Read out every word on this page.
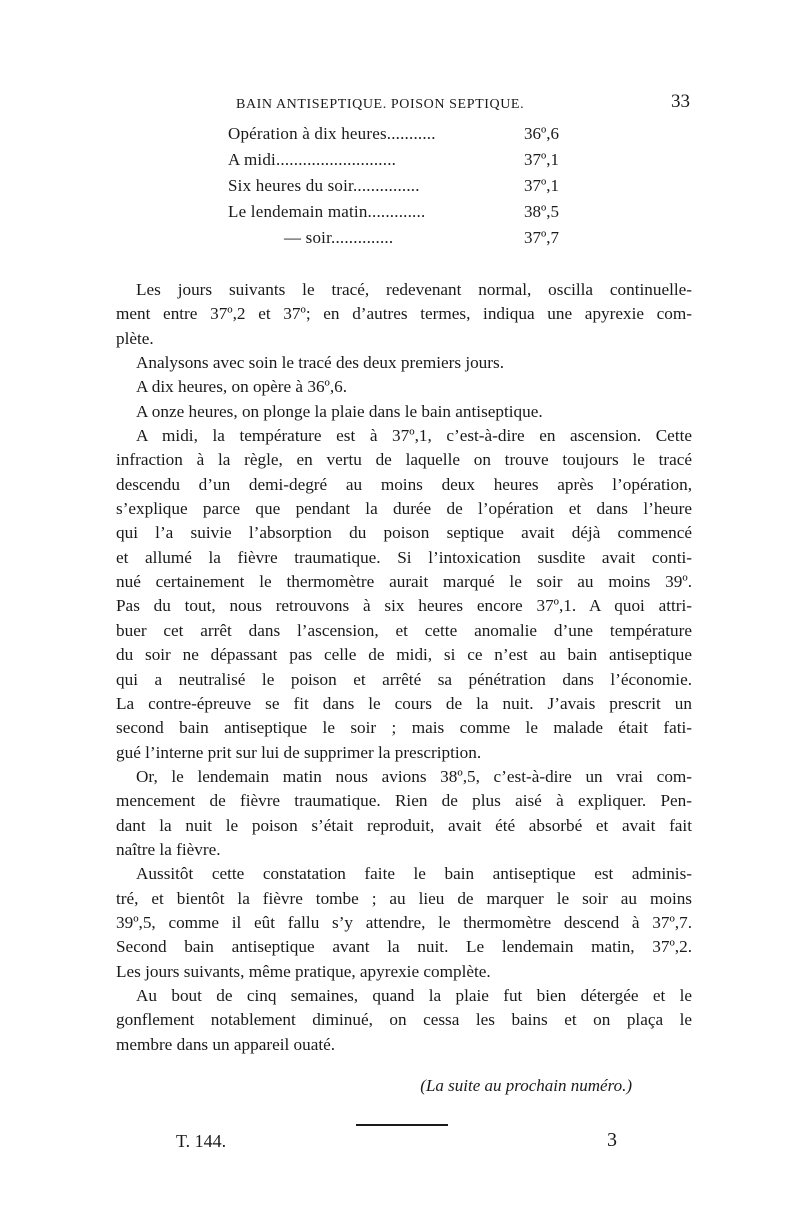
BAIN ANTISEPTIQUE. POISON SEPTIQUE.	33
Opération à dix heures...........	36º,6
A midi...........................	37º,1
Six heures du soir...............	37º,1
Le lendemain matin.............	38º,5
— soir..............	37º,7
Les jours suivants le tracé, redevenant normal, oscilla continuelle-
ment entre 37º,2 et 37º; en d’autres termes, indiqua une apyrexie com-
plète.
Analysons avec soin le tracé des deux premiers jours.
A dix heures, on opère à 36º,6.
A onze heures, on plonge la plaie dans le bain antiseptique.
A midi, la température est à 37º,1, c’est-à-dire en ascension. Cette
infraction à la règle, en vertu de laquelle on trouve toujours le tracé
descendu d’un demi-degré au moins deux heures après l’opération,
s’explique parce que pendant la durée de l’opération et dans l’heure
qui l’a suivie l’absorption du poison septique avait déjà commencé
et allumé la fièvre traumatique. Si l’intoxication susdite avait conti-
nué certainement le thermomètre aurait marqué le soir au moins 39º.
Pas du tout, nous retrouvons à six heures encore 37º,1. A quoi attri-
buer cet arrêt dans l’ascension, et cette anomalie d’une température
du soir ne dépassant pas celle de midi, si ce n’est au bain antiseptique
qui a neutralisé le poison et arrêté sa pénétration dans l’économie.
La contre-épreuve se fit dans le cours de la nuit. J’avais prescrit un
second bain antiseptique le soir ; mais comme le malade était fati-
gué l’interne prit sur lui de supprimer la prescription.
Or, le lendemain matin nous avions 38º,5, c’est-à-dire un vrai com-
mencement de fièvre traumatique. Rien de plus aisé à expliquer. Pen-
dant la nuit le poison s’était reproduit, avait été absorbé et avait fait
naître la fièvre.
Aussitôt cette constatation faite le bain antiseptique est adminis-
tré, et bientôt la fièvre tombe ; au lieu de marquer le soir au moins
39º,5, comme il eût fallu s’y attendre, le thermomètre descend à 37º,7.
Second bain antiseptique avant la nuit. Le lendemain matin, 37º,2.
Les jours suivants, même pratique, apyrexie complète.
Au bout de cinq semaines, quand la plaie fut bien détergée et le
gonflement notablement diminué, on cessa les bains et on plaça le
membre dans un appareil ouaté.
(La suite au prochain numéro.)
T. 144.	3
